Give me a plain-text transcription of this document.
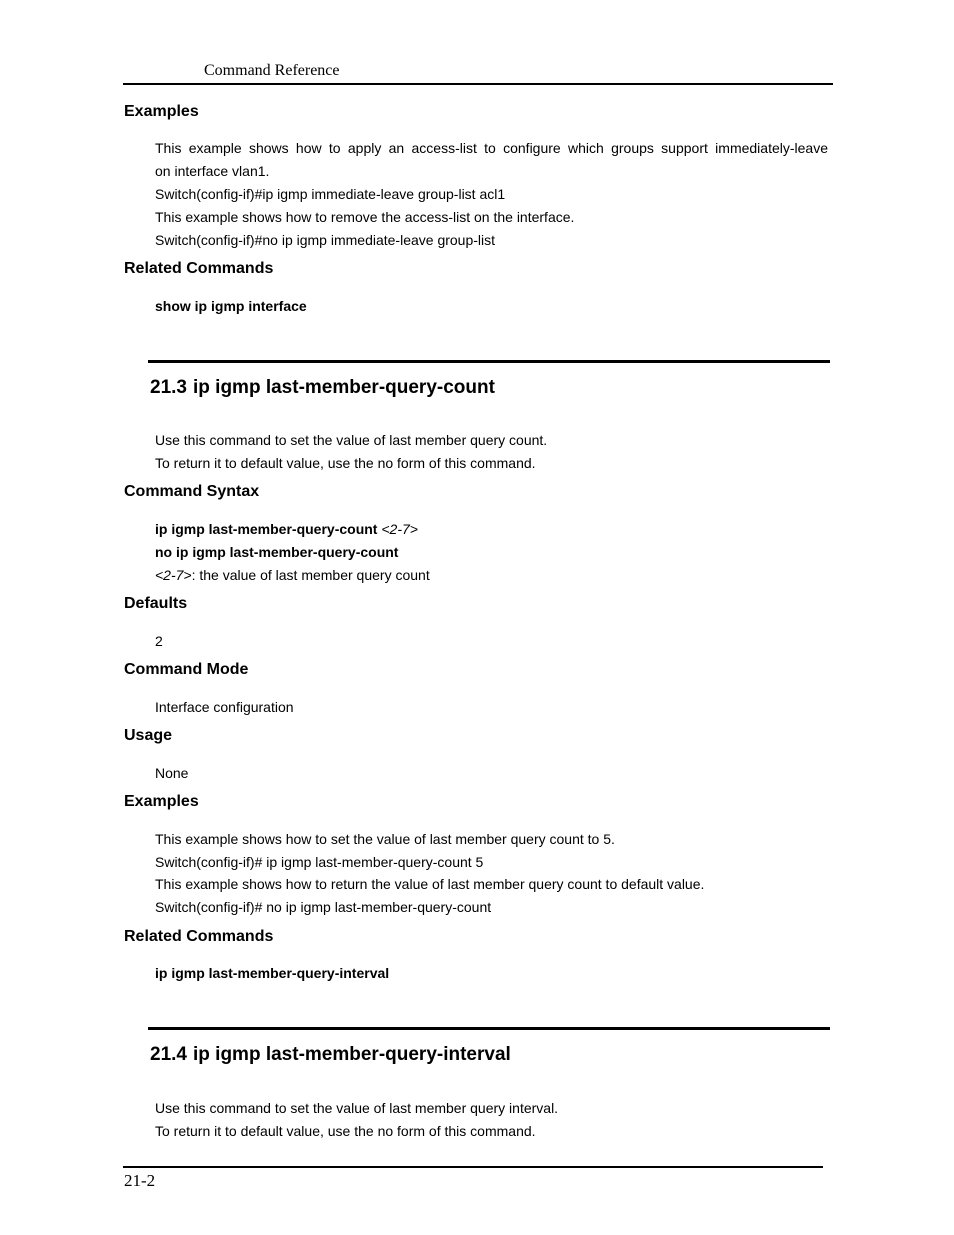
Command Reference
Examples
This example shows how to apply an access-list to configure which groups support immediately-leave
on interface vlan1.
Switch(config-if)#ip igmp immediate-leave group-list acl1
This example shows how to remove the access-list on the interface.
Switch(config-if)#no ip igmp immediate-leave group-list
Related Commands
show ip igmp interface
21.3 ip igmp last-member-query-count
Use this command to set the value of last member query count.
To return it to default value, use the no form of this command.
Command Syntax
ip igmp last-member-query-count <2-7>
no ip igmp last-member-query-count
<2-7>: the value of last member query count
Defaults
2
Command Mode
Interface configuration
Usage
None
Examples
This example shows how to set the value of last member query count to 5.
Switch(config-if)# ip igmp last-member-query-count 5
This example shows how to return the value of last member query count to default value.
Switch(config-if)# no ip igmp last-member-query-count
Related Commands
ip igmp last-member-query-interval
21.4 ip igmp last-member-query-interval
Use this command to set the value of last member query interval.
To return it to default value, use the no form of this command.
21-2
